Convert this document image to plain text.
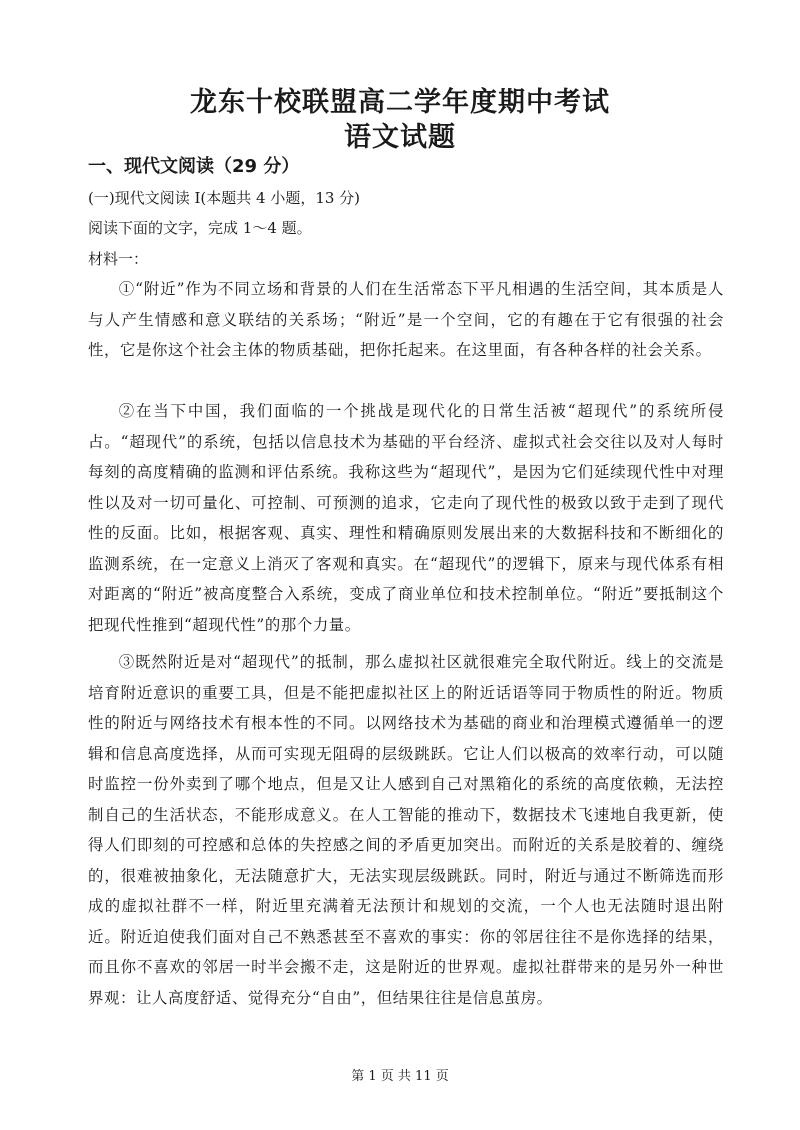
龙东十校联盟高二学年度期中考试
语文试题
一、现代文阅读（29 分）
(一)现代文阅读 I(本题共 4 小题，13 分)
阅读下面的文字，完成 1～4 题。
材料一：
①“附近”作为不同立场和背景的人们在生活常态下平凡相遇的生活空间，其本质是人与人产生情感和意义联结的关系场；“附近”是一个空间，它的有趣在于它有很强的社会性，它是你这个社会主体的物质基础，把你托起来。在这里面，有各种各样的社会关系。
②在当下中国，我们面临的一个挑战是现代化的日常生活被“超现代”的系统所侵占。“超现代”的系统，包括以信息技术为基础的平台经济、虚拟式社会交往以及对人每时每刻的高度精确的监测和评估系统。我称这些为“超现代”，是因为它们延续现代性中对理性以及对一切可量化、可控制、可预测的追求，它走向了现代性的极致以致于走到了现代性的反面。比如，根据客观、真实、理性和精确原则发展出来的大数据科技和不断细化的监测系统，在一定意义上消灭了客观和真实。在“超现代”的逻辑下，原来与现代体系有相对距离的“附近”被高度整合入系统，变成了商业单位和技术控制单位。“附近”要抵制这个把现代性推到“超现代性”的那个力量。
③既然附近是对“超现代”的抵制，那么虚拟社区就很难完全取代附近。线上的交流是培育附近意识的重要工具，但是不能把虚拟社区上的附近话语等同于物质性的附近。物质性的附近与网络技术有根本性的不同。以网络技术为基础的商业和治理模式遵循单一的逻辑和信息高度选择，从而可实现无阻碍的层级跳跃。它让人们以极高的效率行动，可以随时监控一份外卖到了哪个地点，但是又让人感到自己对黑箱化的系统的高度依赖，无法控制自己的生活状态，不能形成意义。在人工智能的推动下，数据技术飞速地自我更新，使得人们即刻的可控感和总体的失控感之间的矛盾更加突出。而附近的关系是胶着的、缠绕的，很难被抽象化，无法随意扩大，无法实现层级跳跃。同时，附近与通过不断筛选而形成的虚拟社群不一样，附近里充满着无法预计和规划的交流，一个人也无法随时退出附近。附近迫使我们面对自己不熟悉甚至不喜欢的事实：你的邻居往往不是你选择的结果，而且你不喜欢的邻居一时半会搬不走，这是附近的世界观。虚拟社群带来的是另外一种世界观：让人高度舒适、觉得充分“自由”，但结果往往是信息茧房。
第 1 页 共 11 页
